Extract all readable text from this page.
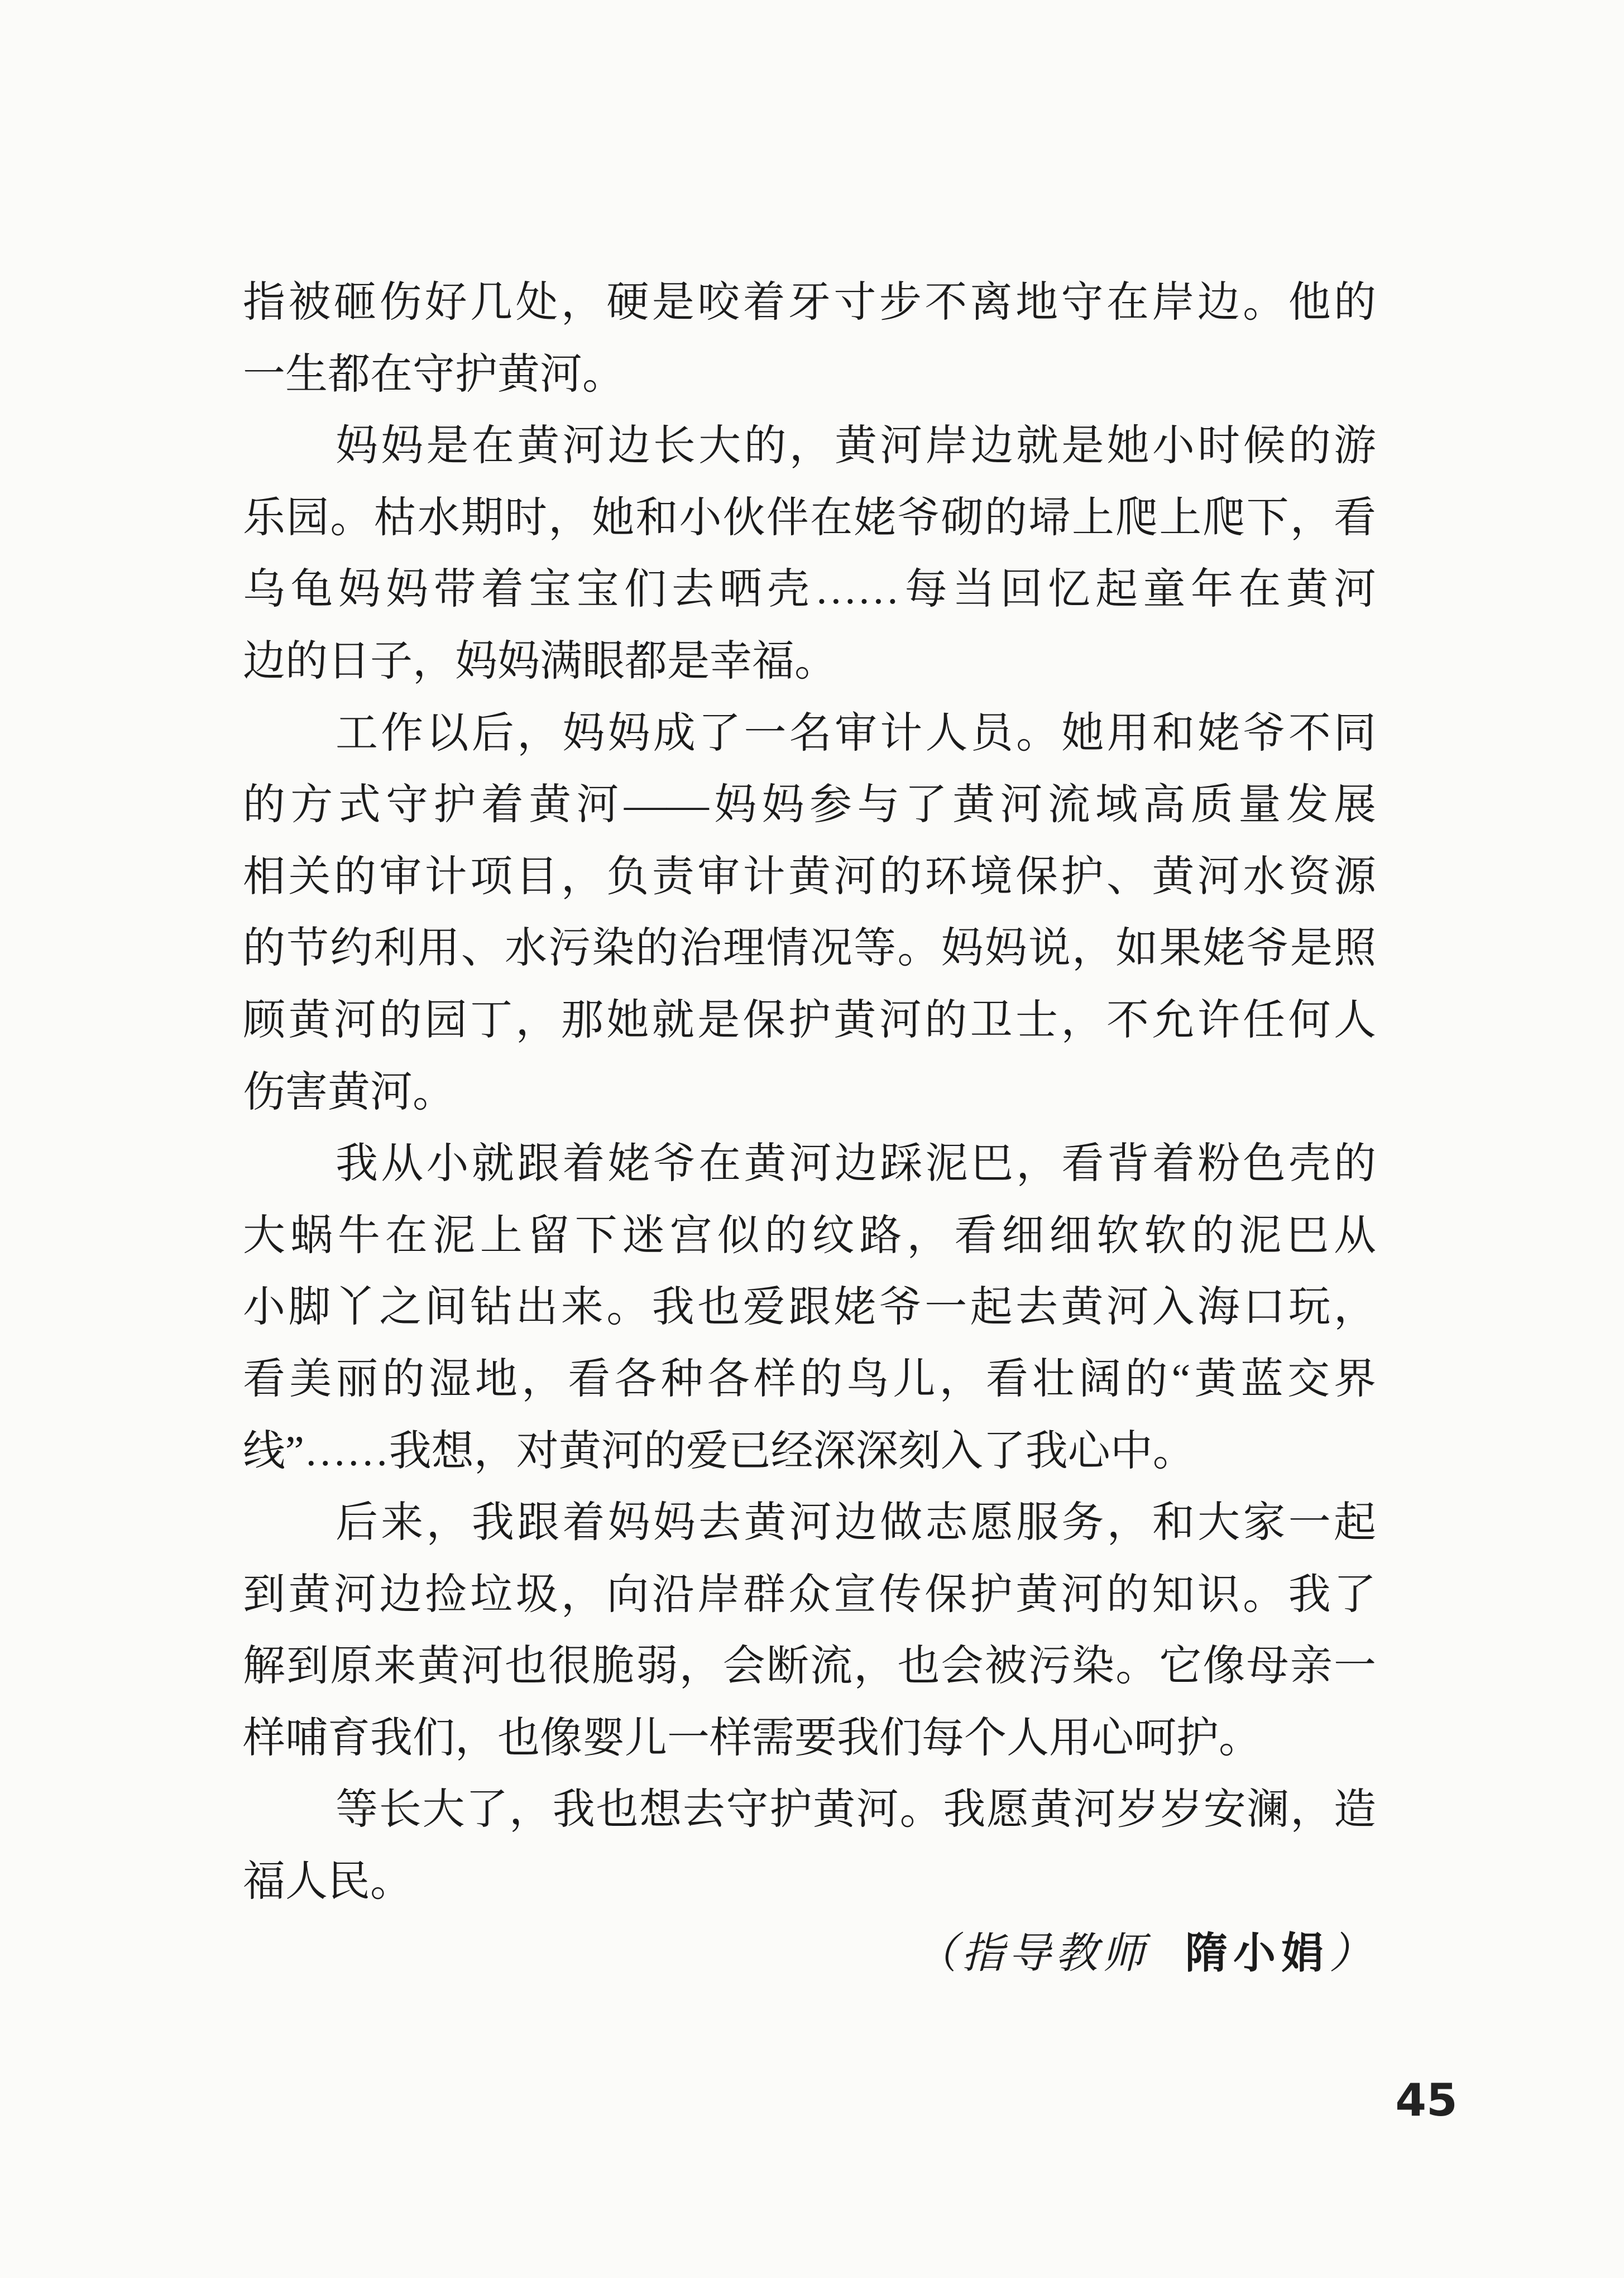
指被砸伤好几处，硬是咬着牙寸步不离地守在岸边。他的
一生都在守护黄河。
妈妈是在黄河边长大的，黄河岸边就是她小时候的游
乐园。枯水期时，她和小伙伴在姥爷砌的埽上爬上爬下，看
乌龟妈妈带着宝宝们去晒壳……每当回忆起童年在黄河
边的日子，妈妈满眼都是幸福。
工作以后，妈妈成了一名审计人员。她用和姥爷不同
的方式守护着黄河——妈妈参与了黄河流域高质量发展
相关的审计项目，负责审计黄河的环境保护、黄河水资源
的节约利用、水污染的治理情况等。妈妈说，如果姥爷是照
顾黄河的园丁，那她就是保护黄河的卫士，不允许任何人
伤害黄河。
我从小就跟着姥爷在黄河边踩泥巴，看背着粉色壳的
大蜗牛在泥上留下迷宫似的纹路，看细细软软的泥巴从
小脚丫之间钻出来。我也爱跟姥爷一起去黄河入海口玩，
看美丽的湿地，看各种各样的鸟儿，看壮阔的“黄蓝交界
线”……我想，对黄河的爱已经深深刻入了我心中。
后来，我跟着妈妈去黄河边做志愿服务，和大家一起
到黄河边捡垃圾，向沿岸群众宣传保护黄河的知识。我了
解到原来黄河也很脆弱，会断流，也会被污染。它像母亲一
样哺育我们，也像婴儿一样需要我们每个人用心呵护。
等长大了，我也想去守护黄河。我愿黄河岁岁安澜，造
福人民。
（指导教师 隋小娟）
45
